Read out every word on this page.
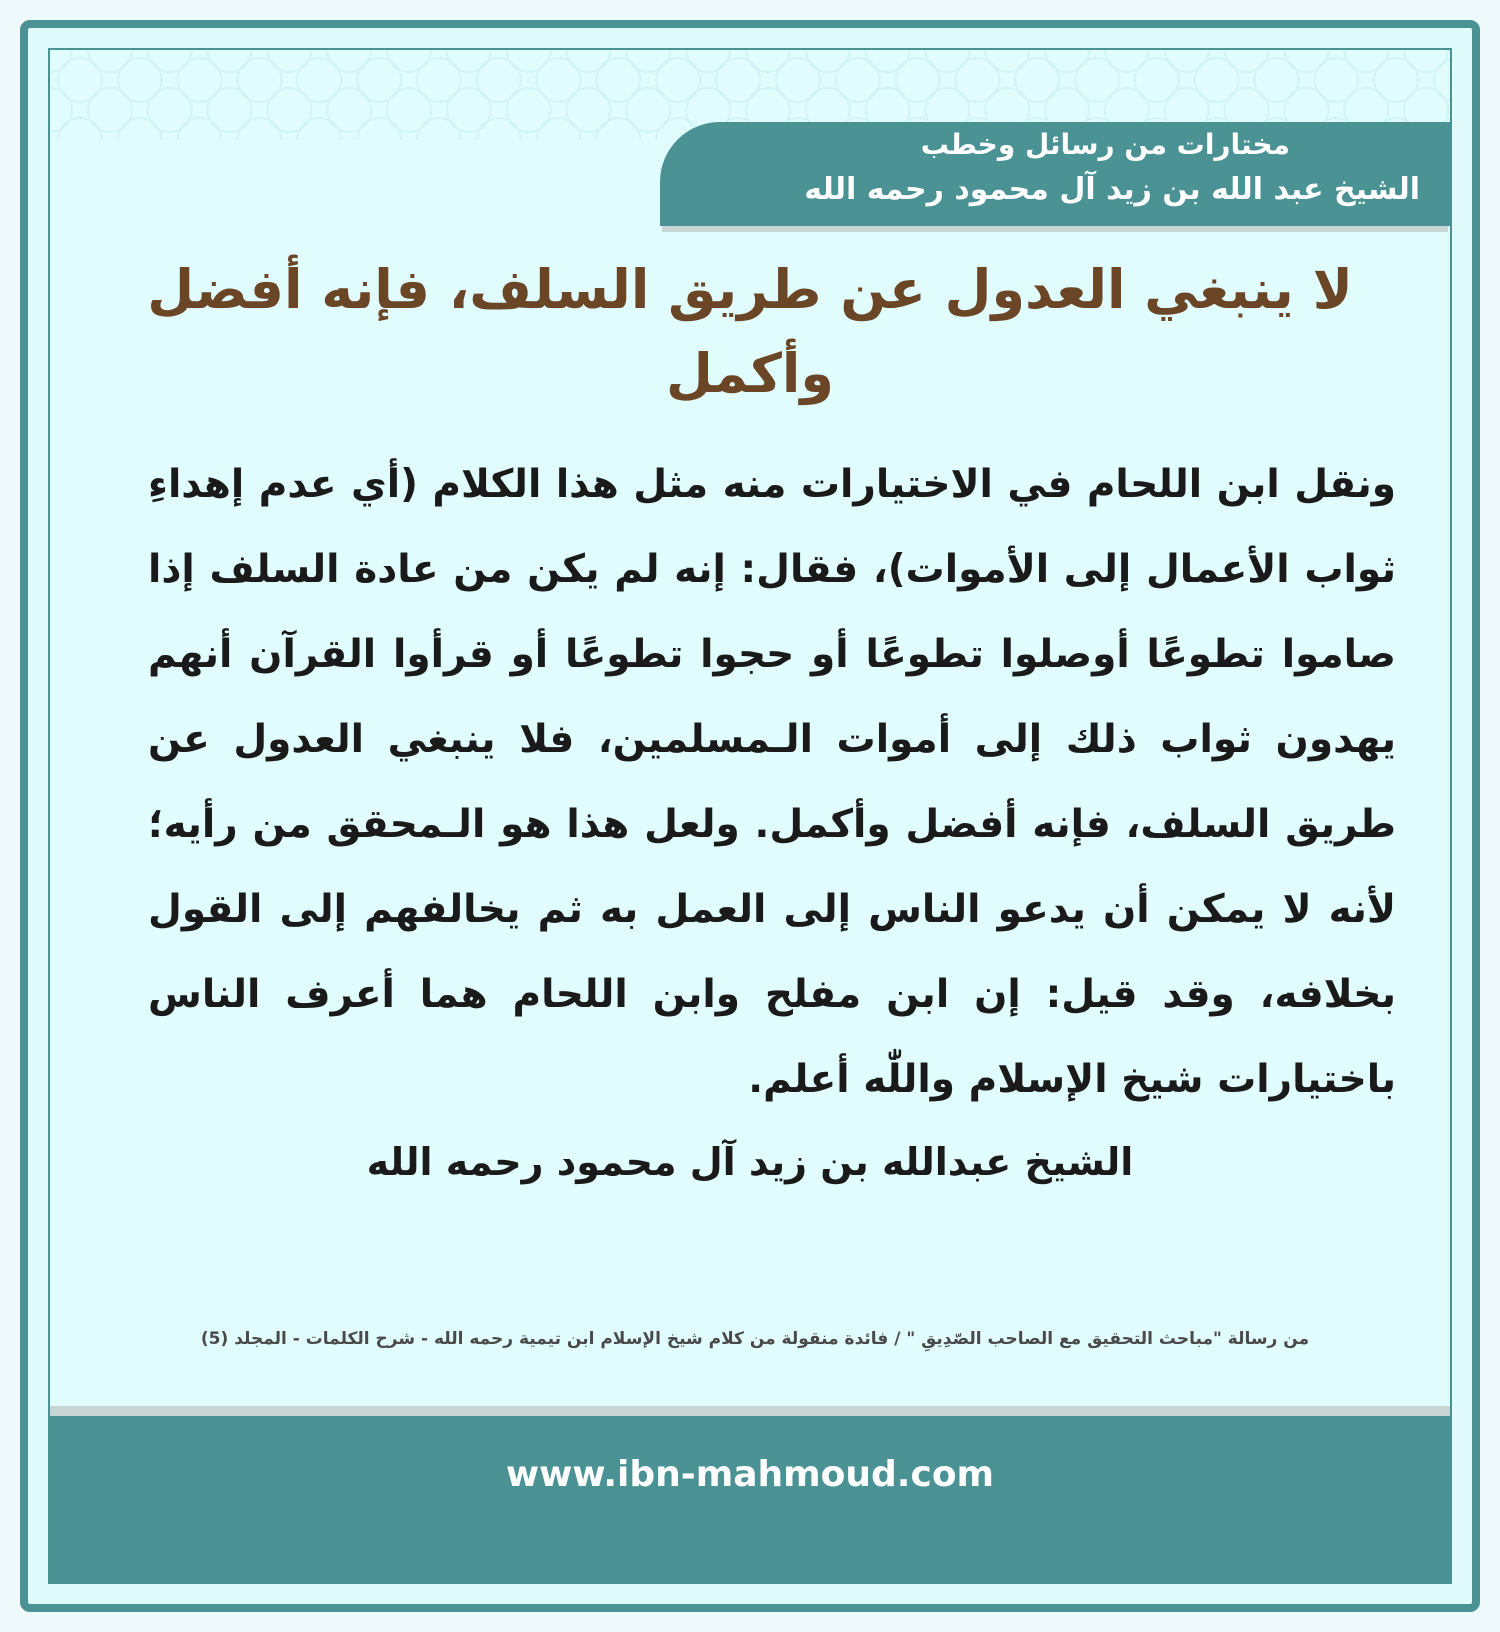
مختارات من رسائل وخطب
الشيخ عبد الله بن زيد آل محمود رحمه الله
لا ينبغي العدول عن طريق السلف، فإنه أفضل وأكمل
ونقل ابن اللحام في الاختيارات منه مثل هذا الكلام (أي عدم إهداءِ ثواب الأعمال إلى الأموات)، فقال: إنه لم يكن من عادة السلف إذا صاموا تطوعًا أوصلوا تطوعًا أو حجوا تطوعًا أو قرأوا القرآن أنهم يهدون ثواب ذلك إلى أموات الـمسلمين، فلا ينبغي العدول عن طريق السلف، فإنه أفضل وأكمل. ولعل هذا هو الـمحقق من رأيه؛ لأنه لا يمكن أن يدعو الناس إلى العمل به ثم يخالفهم إلى القول بخلافه، وقد قيل: إن ابن مفلح وابن اللحام هما أعرف الناس باختيارات شيخ الإسلام واللّٰه أعلم.
الشيخ عبدالله بن زيد آل محمود رحمه الله
من رسالة "مباحث التحقيق مع الصاحب الصّدِيقِ " / فائدة منقولة من كلام شيخ الإسلام ابن تيمية رحمه الله - شرح الكلمات - المجلد (5)
www.ibn-mahmoud.com
